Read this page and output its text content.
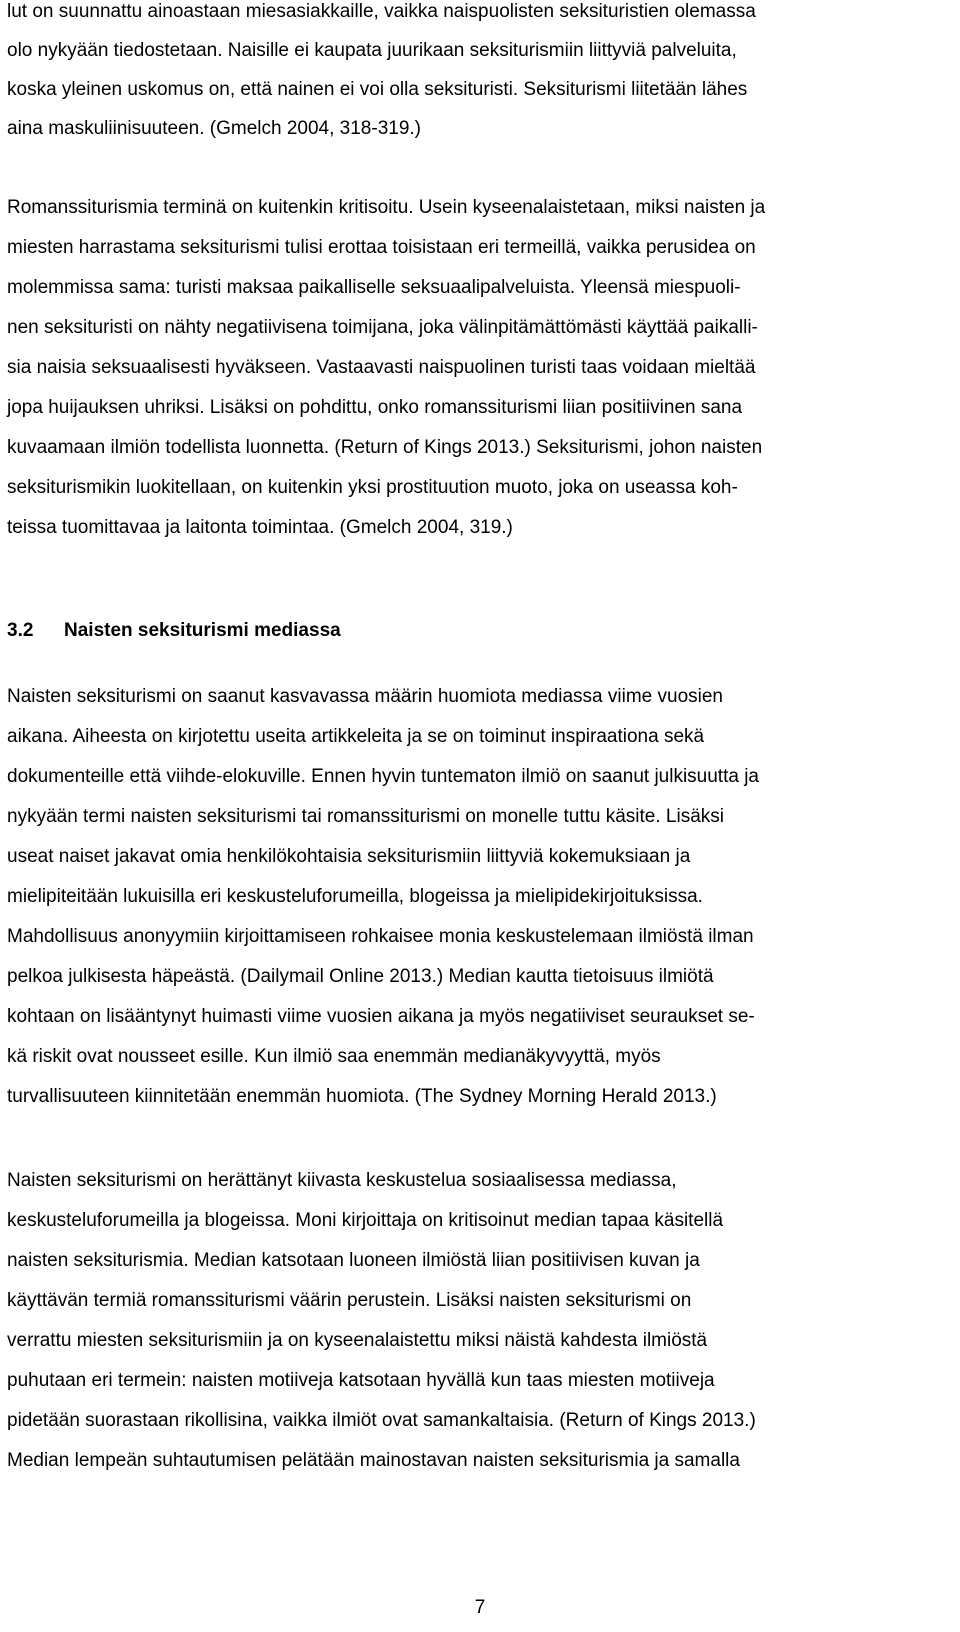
lut on suunnattu ainoastaan miesasiakkaille, vaikka naispuolisten seksituristien olemassa

olo nykyään tiedostetaan. Naisille ei kaupata juurikaan seksiturismiin liittyviä palveluita,

koska yleinen uskomus on, että nainen ei voi olla seksituristi. Seksiturismi liitetään lähes

aina maskuliinisuuteen. (Gmelch 2004, 318-319.)

Romanssiturismia terminä on kuitenkin kritisoitu. Usein kyseenalaistetaan, miksi naisten ja

miesten harrastama seksiturismi tulisi erottaa toisistaan eri termeillä, vaikka perusidea on

molemmissa sama: turisti maksaa paikalliselle seksuaalipalveluista. Yleensä miespuoli-

nen seksituristi on nähty negatiivisena toimijana, joka välinpitämättömästi käyttää paikalli-

sia naisia seksuaalisesti hyväkseen. Vastaavasti naispuolinen turisti taas voidaan mieltää

jopa huijauksen uhriksi. Lisäksi on pohdittu, onko romanssiturismi liian positiivinen sana

kuvaamaan ilmiön todellista luonnetta. (Return of Kings 2013.) Seksiturismi, johon naisten

seksiturismikin luokitellaan, on kuitenkin yksi prostituution muoto, joka on useassa koh-

teissa tuomittavaa ja laitonta toimintaa. (Gmelch 2004, 319.)

3.2 Naisten seksiturismi mediassa

Naisten seksiturismi on saanut kasvavassa määrin huomiota mediassa viime vuosien

aikana. Aiheesta on kirjotettu useita artikkeleita ja se on toiminut inspiraationa sekä

dokumenteille että viihde-elokuville. Ennen hyvin tuntematon ilmiö on saanut julkisuutta ja

nykyään termi naisten seksiturismi tai romanssiturismi on monelle tuttu käsite. Lisäksi

useat naiset jakavat omia henkilökohtaisia seksiturismiin liittyviä kokemuksiaan ja

mielipiteitään lukuisilla eri keskusteluforumeilla, blogeissa ja mielipidekirjoituksissa.

Mahdollisuus anonyymiin kirjoittamiseen rohkaisee monia keskustelemaan ilmiöstä ilman

pelkoa julkisesta häpeästä. (Dailymail Online 2013.) Median kautta tietoisuus ilmiötä

kohtaan on lisääntynyt huimasti viime vuosien aikana ja myös negatiiviset seuraukset se-

kä riskit ovat nousseet esille. Kun ilmiö saa enemmän medianäkyvyyttä, myös

turvallisuuteen kiinnitetään enemmän huomiota. (The Sydney Morning Herald 2013.)

Naisten seksiturismi on herättänyt kiivasta keskustelua sosiaalisessa mediassa,

keskusteluforumeilla ja blogeissa. Moni kirjoittaja on kritisoinut median tapaa käsitellä

naisten seksiturismia. Median katsotaan luoneen ilmiöstä liian positiivisen kuvan ja

käyttävän termiä romanssiturismi väärin perustein. Lisäksi naisten seksiturismi on

verrattu miesten seksiturismiin ja on kyseenalaistettu miksi näistä kahdesta ilmiöstä

puhutaan eri termein: naisten motiiveja katsotaan hyvällä kun taas miesten motiiveja

pidetään suorastaan rikollisina, vaikka ilmiöt ovat samankaltaisia. (Return of Kings 2013.)

Median lempeän suhtautumisen pelätään mainostavan naisten seksiturismia ja samalla

7
